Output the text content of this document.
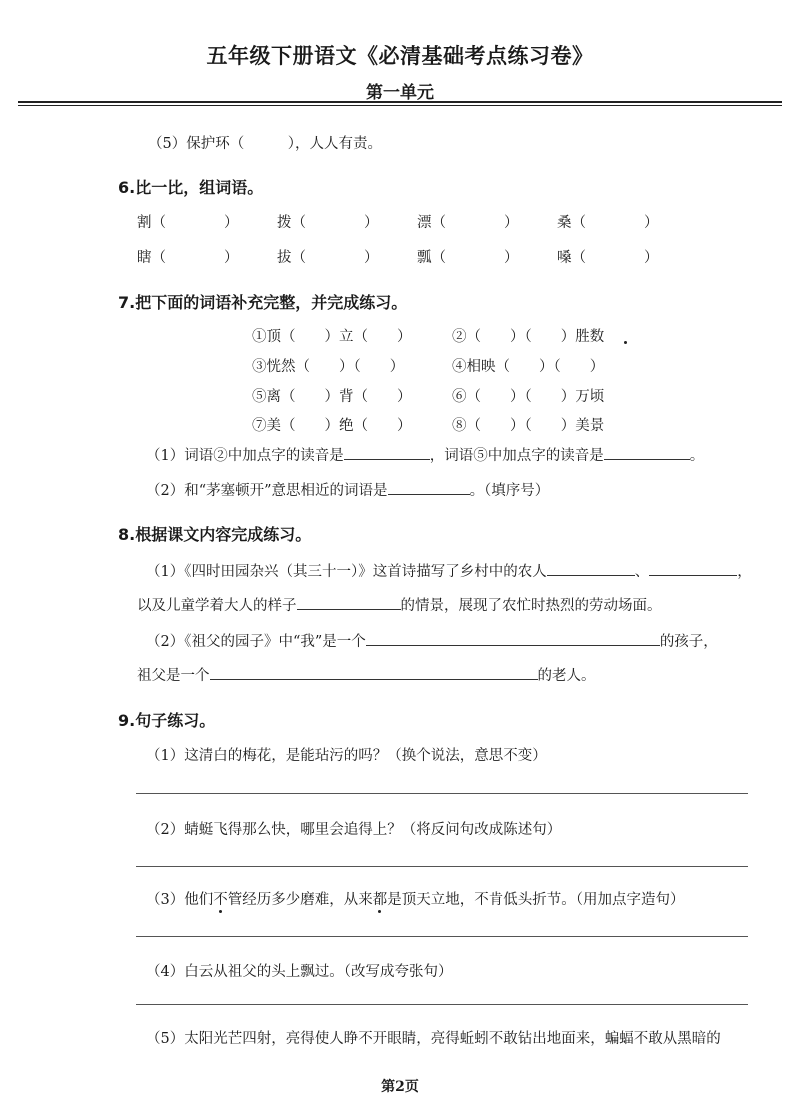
五年级下册语文《必清基础考点练习卷》
第一单元
（5）保护环（　　　），人人有责。
6.比一比，组词语。
割（　　　　）	拨（　　　　）	漂（　　　　）	桑（　　　　）
瞎（　　　　）	拔（　　　　）	瓢（　　　　）	嗓（　　　　）
7.把下面的词语补充完整，并完成练习。
①顶（　　）立（　　）	②（　　）（　　）胜数
③恍然（　　）（　　）	④相映（　　）（　　）
⑤离（　　）背（　　）	⑥（　　）（　　）万顷
⑦美（　　）绝（　　）	⑧（　　）（　　）美景
（1）词语②中加点字的读音是	，词语⑤中加点字的读音是	。
（2）和“茅塞顿开”意思相近的词语是	。（填序号）
8.根据课文内容完成练习。
（1）《四时田园杂兴（其三十一）》这首诗描写了乡村中的农人	、	，
以及儿童学着大人的样子	的情景，展现了农忙时热烈的劳动场面。
（2）《祖父的园子》中“我”是一个	的孩子，
祖父是一个	的老人。
9.句子练习。
（1）这清白的梅花，是能玷污的吗？（换个说法，意思不变）
（2）蜻蜓飞得那么快，哪里会追得上？（将反问句改成陈述句）
（3）他们不管经历多少磨难，从来都是顶天立地，不肯低头折节。（用加点字造句）
（4）白云从祖父的头上飘过。（改写成夸张句）
（5）太阳光芒四射，亮得使人睁不开眼睛，亮得蚯蚓不敢钻出地面来，蝙蝠不敢从黑暗的
第2页
